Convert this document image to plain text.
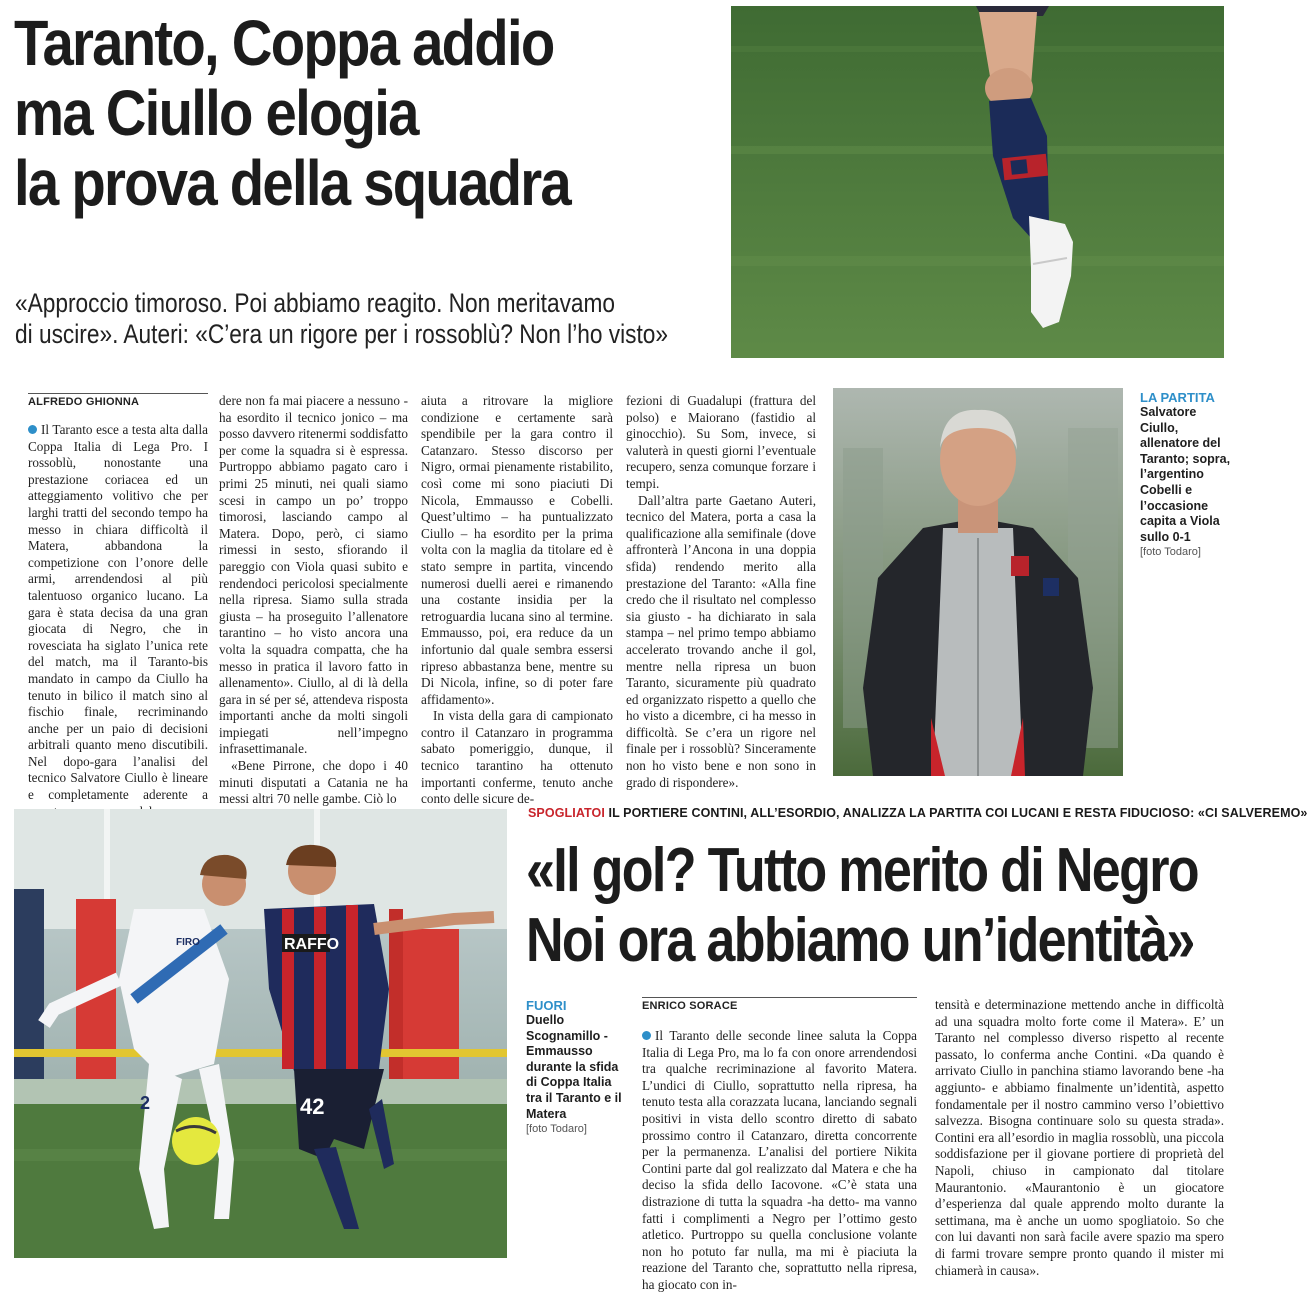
Taranto, Coppa addio
ma Ciullo elogia
la prova della squadra
«Approccio timoroso. Poi abbiamo reagito. Non meritavamo
di uscire». Auteri: «C’era un rigore per i rossoblù? Non l’ho visto»
ALFREDO GHIONNA

Il Taranto esce a testa alta dalla Coppa Italia di Lega Pro. I rossoblù, nonostante una prestazione coriacea ed un atteggiamento volitivo che per larghi tratti del secondo tempo ha messo in chiara difficoltà il Matera, abbandona la competizione con l’onore delle armi, arrendendosi al più talentuoso organico lucano. La gara è stata decisa da una gran giocata di Negro, che in rovesciata ha siglato l’unica rete del match, ma il Taranto-bis mandato in campo da Ciullo ha tenuto in bilico il match sino al fischio finale, recriminando anche per un paio di decisioni arbitrali quanto meno discutibili. Nel dopo-gara l’analisi del tecnico Salvatore Ciullo è lineare e completamente aderente a

dere non fa mai piacere a nessuno - ha esordito il tecnico jonico – ma posso davvero ritenermi soddisfatto per come la squadra si è espressa. Purtroppo abbiamo pagato caro i primi 25 minuti, nei quali siamo scesi in campo un po’ troppo timorosi, lasciando campo al Matera. Dopo, però, ci siamo rimessi in sesto, sfiorando il pareggio con Viola quasi subito e rendendoci pericolosi specialmente nella ripresa. Siamo sulla strada giusta – ha proseguito l’allenatore tarantino – ho visto ancora una volta la squadra compatta, che ha messo in pratica il lavoro fatto in allenamento». Ciullo, al di là della gara in sé per sé, attendeva risposta importanti anche da molti singoli impiegati nell’impegno infrasettimanale.

«Bene Pirrone, che dopo i 40 minuti disputati a Catania ne ha messi altri 70 nelle gambe. Ciò lo

aiuta a ritrovare la migliore condizione e certamente sarà spendibile per la gara contro il Catanzaro. Stesso discorso per Nigro, ormai pienamente ristabilito, così come mi sono piaciuti Di Nicola, Emmausso e Cobelli. Quest’ultimo – ha puntualizzato Ciullo – ha esordito per la prima volta con la maglia da titolare ed è stato sempre in partita, vincendo numerosi duelli aerei e rimanendo una costante insidia per la retroguardia lucana sino al termine. Emmausso, poi, era reduce da un infortunio dal quale sembra essersi ripreso abbastanza bene, mentre su Di Nicola, infine, so di poter fare affidamento».

In vista della gara di campionato contro il Catanzaro in programma sabato pomeriggio, dunque, il tecnico tarantino ha ottenuto importanti conferme, tenuto anche conto delle sicure de-

fezioni di Guadalupi (frattura del polso) e Maiorano (fastidio al ginocchio). Su Som, invece, si valuterà in questi giorni l’eventuale recupero, senza comunque forzare i tempi.

Dall’altra parte Gaetano Auteri, tecnico del Matera, porta a casa la qualificazione alla semifinale (dove affronterà l’Ancona in una doppia sfida) rendendo merito alla prestazione del Taranto: «Alla fine credo che il risultato nel complesso sia giusto - ha dichiarato in sala stampa – nel primo tempo abbiamo accelerato trovando anche il gol, mentre nella ripresa un buon Taranto, sicuramente più quadrato ed organizzato rispetto a quello che ho visto a dicembre, ci ha messo in difficoltà. Se c’era un rigore nel finale per i rossoblù? Sinceramente non ho visto bene e non sono in grado di rispondere».

LA PARTITA
Salvatore Ciullo, allenatore del Taranto; sopra, l’argentino Cobelli e l’occasione capita a Viola sullo 0-1
[foto Todaro]
SPOGLIATOI IL PORTIERE CONTINI, ALL’ESORDIO, ANALIZZA LA PARTITA COI LUCANI E RESTA FIDUCIOSO: «CI SALVEREMO»
«Il gol? Tutto merito di Negro
Noi ora abbiamo un’identità»
RAFFO
42
2
FIRO
FUORI
Duello Scognamillo -Emmausso durante la sfida di Coppa Italia tra il Taranto e il Matera
[foto Todaro]
ENRICO SORACE

Il Taranto delle seconde linee saluta la Coppa Italia di Lega Pro, ma lo fa con onore arrendendosi tra qualche recriminazione al favorito Matera. L’undici di Ciullo, soprattutto nella ripresa, ha tenuto testa alla corazzata lucana, lanciando segnali positivi in vista dello scontro diretto di sabato prossimo contro il Catanzaro, diretta concorrente per la permanenza. L’analisi del portiere Nikita Contini parte dal gol realizzato dal Matera e che ha deciso la sfida dello Iacovone. «C’è stata una distrazione di tutta la squadra -ha detto- ma vanno fatti i complimenti a Negro per l’ottimo gesto atletico. Purtroppo su quella conclusione volante non ho potuto far nulla, ma mi è piaciuta la reazione del Taranto che, soprattutto nella ripresa, ha giocato con in-

tensità e determinazione mettendo anche in difficoltà ad una squadra molto forte come il Matera». E’ un Taranto nel complesso diverso rispetto al recente passato, lo conferma anche Contini. «Da quando è arrivato Ciullo in panchina stiamo lavorando bene -ha aggiunto- e abbiamo finalmente un’identità, aspetto fondamentale per il nostro cammino verso l’obiettivo salvezza. Bisogna continuare solo su questa strada». Contini era all’esordio in maglia rossoblù, una piccola soddisfazione per il giovane portiere di proprietà del Napoli, chiuso in campionato dal titolare Maurantonio. «Maurantonio è un giocatore d’esperienza dal quale apprendo molto durante la settimana, ma è anche un uomo spogliatoio. So che con lui davanti non sarà facile avere spazio ma spero di farmi trovare sempre pronto quando il mister mi chiamerà in causa».
